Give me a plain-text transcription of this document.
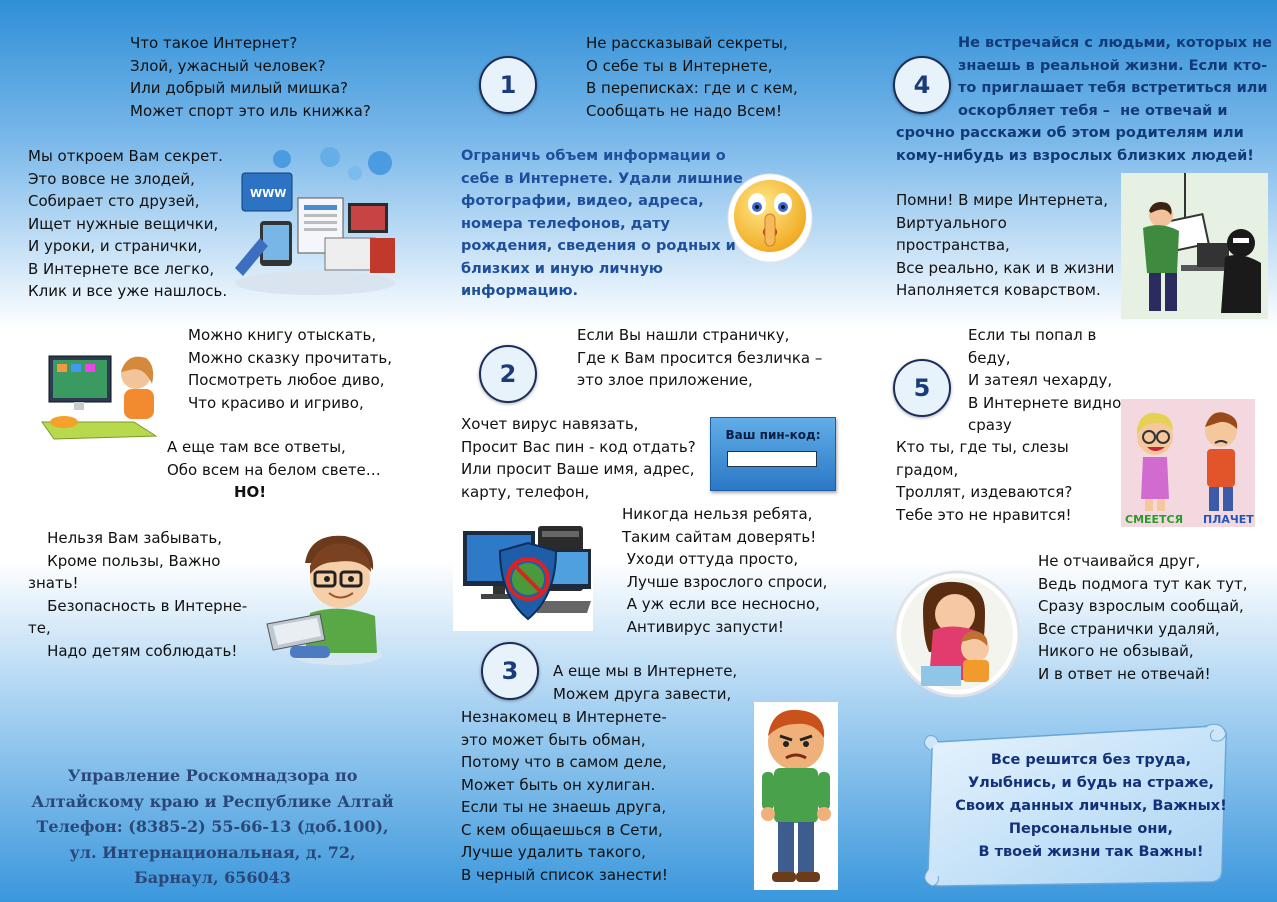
Что такое Интернет?
Злой, ужасный человек?
Или добрый милый мишка?
Может спорт это иль книжка?
Мы откроем Вам секрет.
Это вовсе не злодей,
Собирает сто друзей,
Ищет нужные вещички,
И уроки, и странички,
В Интернете все легко,
Клик и все уже нашлось.
WWW
Можно книгу отыскать,
Можно сказку прочитать,
Посмотреть любое диво,
Что красиво и игриво,
А еще там все ответы,
Обо всем на белом свете…
НО!
Нельзя Вам забывать,
Кроме пользы, Важно
знать!
Безопасность в Интерне-
те,
Надо детям соблюдать!
Управление Роскомнадзора по
Алтайскому краю и Республике Алтай
Телефон: (8385-2) 55-66-13 (доб.100),
ул. Интернациональная, д. 72,
Барнаул, 656043
1
Не рассказывай секреты,
О себе ты в Интернете,
В переписках: где и с кем,
Сообщать не надо Всем!
Ограничь объем информации о
себе в Интернете. Удали лишние
фотографии, видео, адреса,
номера телефонов, дату
рождения, сведения о родных и
близких и иную личную
информацию.
2
Если Вы нашли страничку,
Где к Вам просится безличка –
это злое приложение,
Хочет вирус навязать,
Просит Вас пин - код отдать?
Или просит Ваше имя, адрес,
карту, телефон,
Ваш пин-код:
Никогда нельзя ребята,
Таким сайтам доверять!
Уходи оттуда просто,
Лучше взрослого спроси,
А уж если все несносно,
Антивирус запусти!
3	А еще мы в Интернете,
Можем друга завести,
Незнакомец в Интернете-
это может быть обман,
Потому что в самом деле,
Может быть он хулиган.
Если ты не знаешь друга,
С кем общаешься в Сети,
Лучше удалить такого,
В черный список занести!
4
Не встречайся с людьми, которых не
знаешь в реальной жизни. Если кто-
то приглашает тебя встретиться или
оскорбляет тебя –  не отвечай и
срочно расскажи об этом родителям или
кому-нибудь из взрослых близких людей!
Помни! В мире Интернета,
Виртуального
пространства,
Все реально, как и в жизни
Наполняется коварством.
5
Если ты попал в
беду,
И затеял чехарду,
В Интернете видно
сразу
Кто ты, где ты, слезы
градом,
Троллят, издеваются?
Тебе это не нравится!	СМЕЕТСЯ ПЛАЧЕТ
Не отчаивайся друг,
Ведь подмога тут как тут,
Сразу взрослым сообщай,
Все странички удаляй,
Никого не обзывай,
И в ответ не отвечай!
Все решится без труда,
Улыбнись, и будь на страже,
Своих данных личных, Важных!
Персональные они,
В твоей жизни так Важны!
